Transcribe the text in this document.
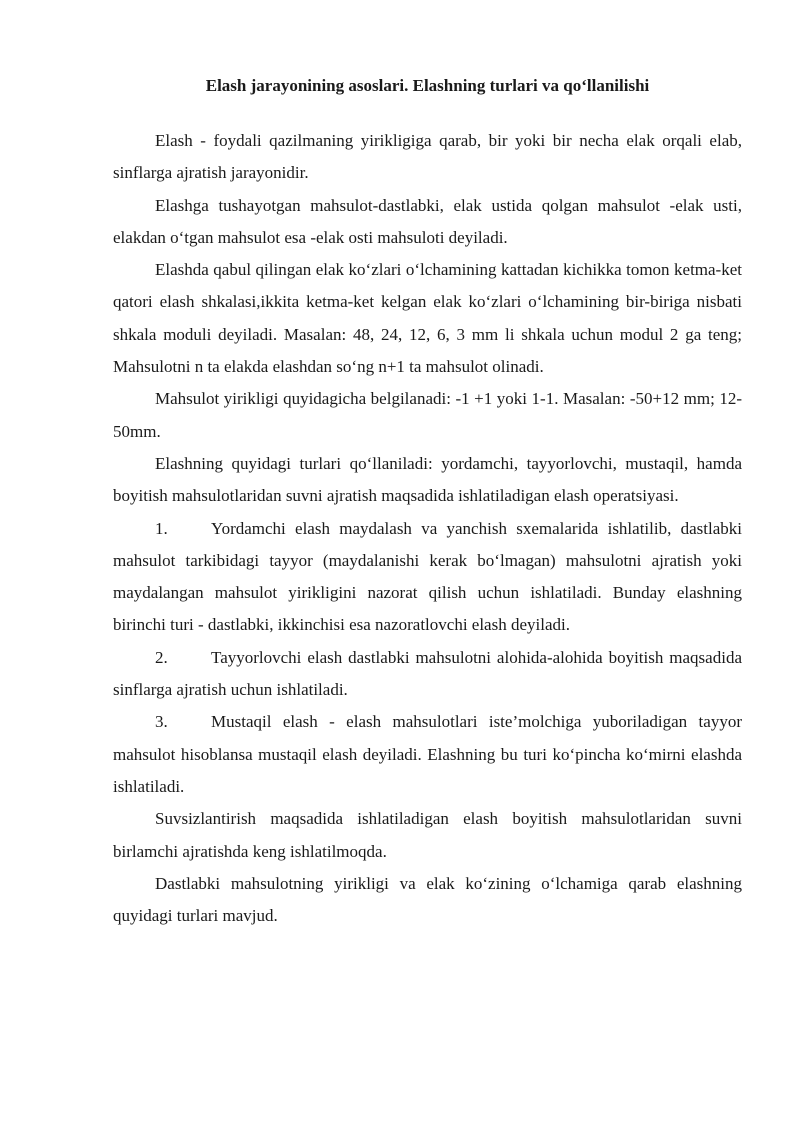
Elash jarayonining asoslari. Elashning turlari va qo‘llanilishi

Elash - foydali qazilmaning yirikligiga qarab, bir yoki bir necha elak orqali elab, sinflarga ajratish jarayonidir.

Elashga tushayotgan mahsulot-dastlabki, elak ustida qolgan mahsulot -elak usti, elakdan o‘tgan mahsulot esa -elak osti mahsuloti deyiladi.

Elashda qabul qilingan elak ko‘zlari o‘lchamining kattadan kichikka tomon ketma-ket qatori elash shkalasi,ikkita ketma-ket kelgan elak ko‘zlari o‘lchamining bir-biriga nisbati shkala moduli deyiladi. Masalan: 48, 24, 12, 6, 3 mm li shkala uchun modul 2 ga teng; Mahsulotni n ta elakda elashdan so‘ng n+1 ta mahsulot olinadi.

Mahsulot yirikligi quyidagicha belgilanadi: -1 +1 yoki 1-1. Masalan: -50+12 mm; 12-50mm.

Elashning quyidagi turlari qo‘llaniladi: yordamchi, tayyorlovchi, mustaqil, hamda boyitish mahsulotlaridan suvni ajratish maqsadida ishlatiladigan elash operatsiyasi.

1.	Yordamchi elash maydalash va yanchish sxemalarida ishlatilib, dastlabki mahsulot tarkibidagi tayyor (maydalanishi kerak bo‘lmagan) mahsulotni ajratish yoki maydalangan mahsulot yirikligini nazorat qilish uchun ishlatiladi. Bunday elashning birinchi turi - dastlabki, ikkinchisi esa nazoratlovchi elash deyiladi.

2.	Tayyorlovchi elash dastlabki mahsulotni alohida-alohida boyitish maqsadida sinflarga ajratish uchun ishlatiladi.

3.	Mustaqil elash - elash mahsulotlari iste’molchiga yuboriladigan tayyor mahsulot hisoblansa mustaqil elash deyiladi. Elashning bu turi ko‘pincha ko‘mirni elashda ishlatiladi.

Suvsizlantirish maqsadida ishlatiladigan elash boyitish mahsulotlaridan suvni birlamchi ajratishda keng ishlatilmoqda.

Dastlabki mahsulotning yirikligi va elak ko‘zining o‘lchamiga qarab elashning quyidagi turlari mavjud.
